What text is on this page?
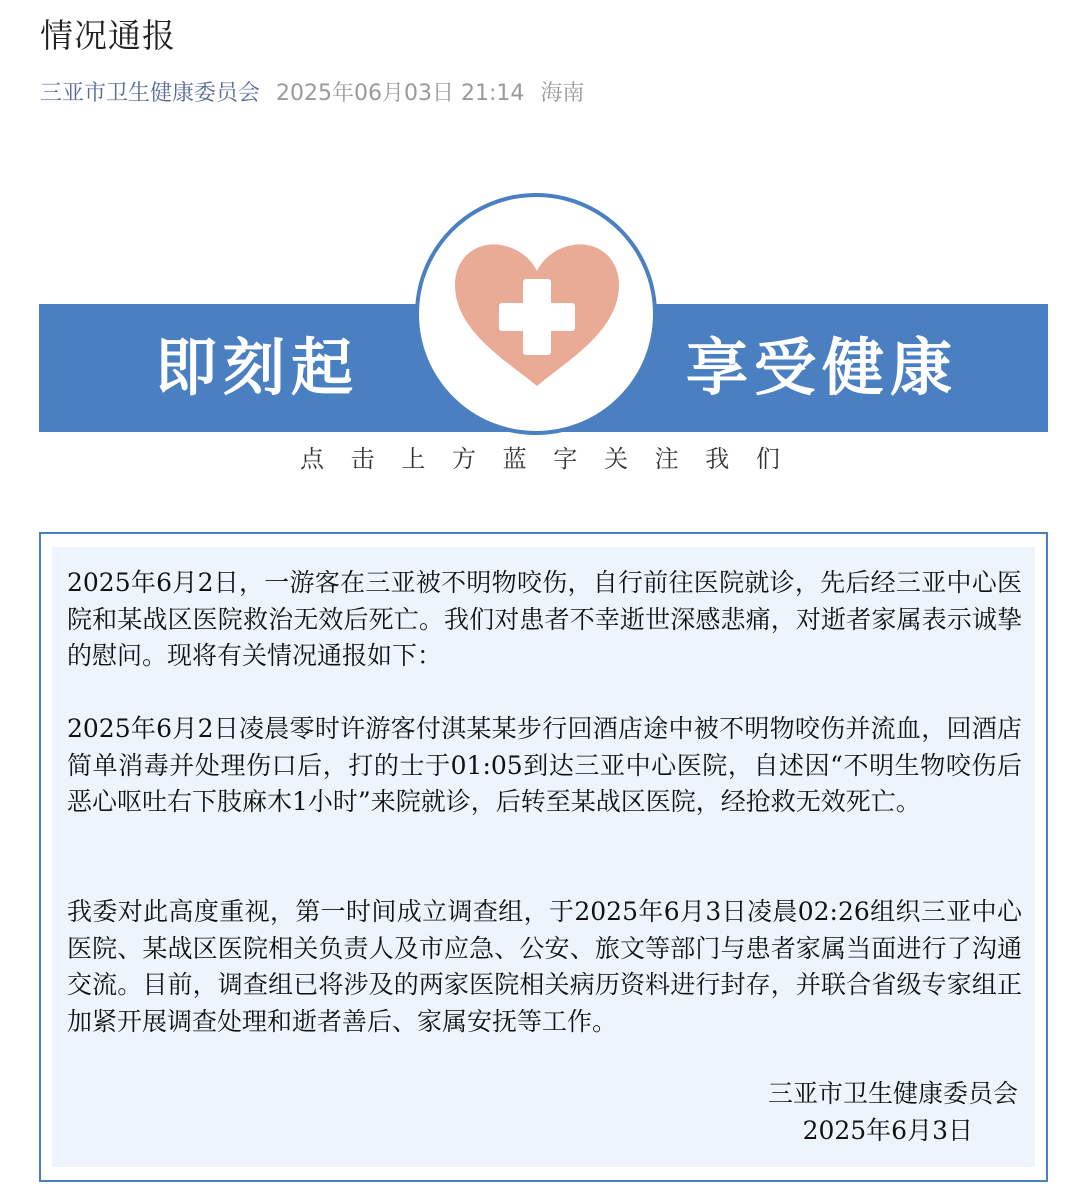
情况通报
三亚市卫生健康委员会 2025年06月03日 21:14 海南
即刻起	享受健康
点 击 上 方 蓝 字 关 注 我 们
2025年6月2日，一游客在三亚被不明物咬伤，自行前往医院就诊，先后经三亚中心医院和某战区医院救治无效后死亡。我们对患者不幸逝世深感悲痛，对逝者家属表示诚挚的慰问。现将有关情况通报如下：
2025年6月2日凌晨零时许游客付淇某某步行回酒店途中被不明物咬伤并流血，回酒店简单消毒并处理伤口后，打的士于01:05到达三亚中心医院，自述因“不明生物咬伤后恶心呕吐右下肢麻木1小时”来院就诊，后转至某战区医院，经抢救无效死亡。
我委对此高度重视，第一时间成立调查组，于2025年6月3日凌晨02:26组织三亚中心医院、某战区医院相关负责人及市应急、公安、旅文等部门与患者家属当面进行了沟通交流。目前，调查组已将涉及的两家医院相关病历资料进行封存，并联合省级专家组正加紧开展调查处理和逝者善后、家属安抚等工作。
三亚市卫生健康委员会
2025年6月3日
